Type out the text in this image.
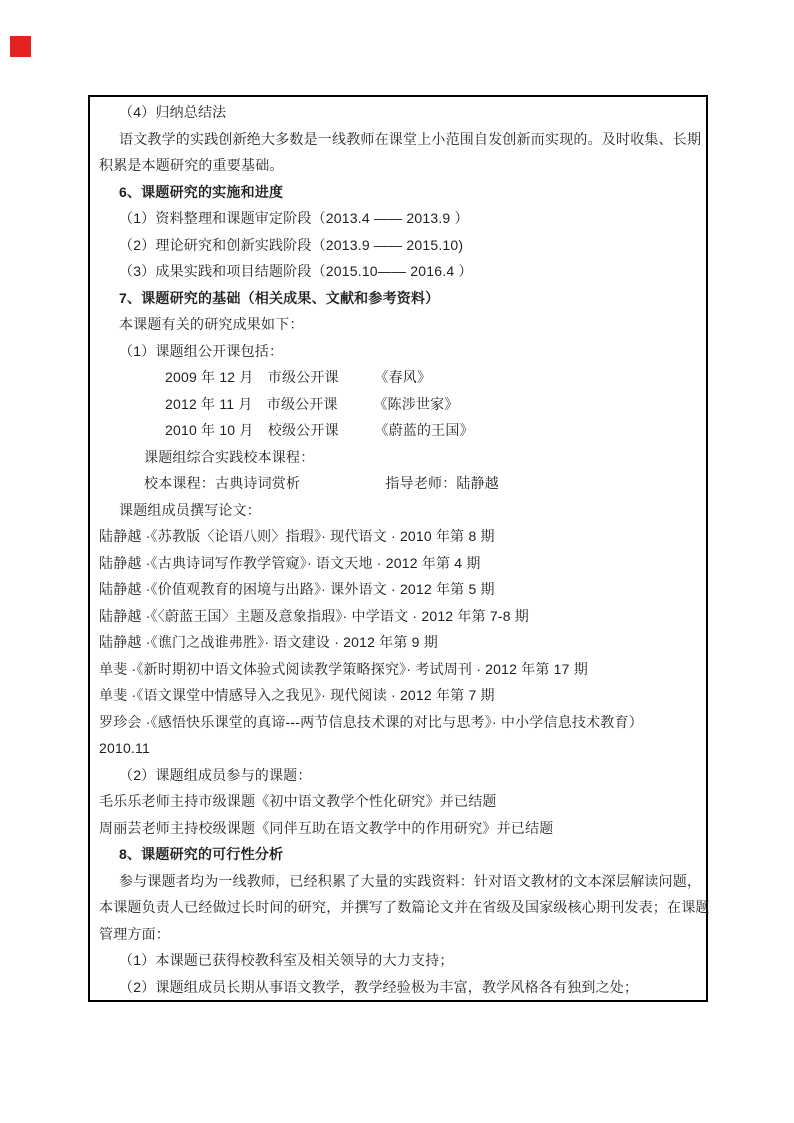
（4）归纳总结法
语文教学的实践创新绝大多数是一线教师在课堂上小范围自发创新而实现的。及时收集、长期
积累是本题研究的重要基础。
6、课题研究的实施和进度
（1）资料整理和课题审定阶段（2013.4 —— 2013.9 ）
（2）理论研究和创新实践阶段（2013.9 —— 2015.10)
（3）成果实践和项目结题阶段（2015.10—— 2016.4 ）
7、课题研究的基础（相关成果、文献和参考资料）
本课题有关的研究成果如下：
（1）课题组公开课包括：
2009 年 12 月　市级公开课　　　《春风》
2012 年 11 月　市级公开课　　　《陈涉世家》
2010 年 10 月　校级公开课　　　《蔚蓝的王国》
课题组综合实践校本课程：
校本课程：古典诗词赏析　　　　　　指导老师：陆静越
课题组成员撰写论文：
陆静越 ·《苏教版〈论语八则〉指瑕》· 现代语文 · 2010 年第 8 期
陆静越 ·《古典诗词写作教学管窥》· 语文天地 · 2012 年第 4 期
陆静越 ·《价值观教育的困境与出路》· 课外语文 · 2012 年第 5 期
陆静越 ·《〈蔚蓝王国〉主题及意象指瑕》· 中学语文 · 2012 年第 7-8 期
陆静越 ·《谯门之战谁弗胜》· 语文建设 · 2012 年第 9 期
单斐 ·《新时期初中语文体验式阅读教学策略探究》· 考试周刊 · 2012 年第 17 期
单斐 ·《语文课堂中情感导入之我见》· 现代阅读 · 2012 年第 7 期
罗珍会 ·《感悟快乐课堂的真谛---两节信息技术课的对比与思考》· 中小学信息技术教育）
2010.11
（2）课题组成员参与的课题：
毛乐乐老师主持市级课题《初中语文教学个性化研究》并已结题
周丽芸老师主持校级课题《同伴互助在语文教学中的作用研究》并已结题
8、课题研究的可行性分析
参与课题者均为一线教师，已经积累了大量的实践资料：针对语文教材的文本深层解读问题，
本课题负责人已经做过长时间的研究，并撰写了数篇论文并在省级及国家级核心期刊发表；在课题
管理方面：
（1）本课题已获得校教科室及相关领导的大力支持；
（2）课题组成员长期从事语文教学，教学经验极为丰富，教学风格各有独到之处；
